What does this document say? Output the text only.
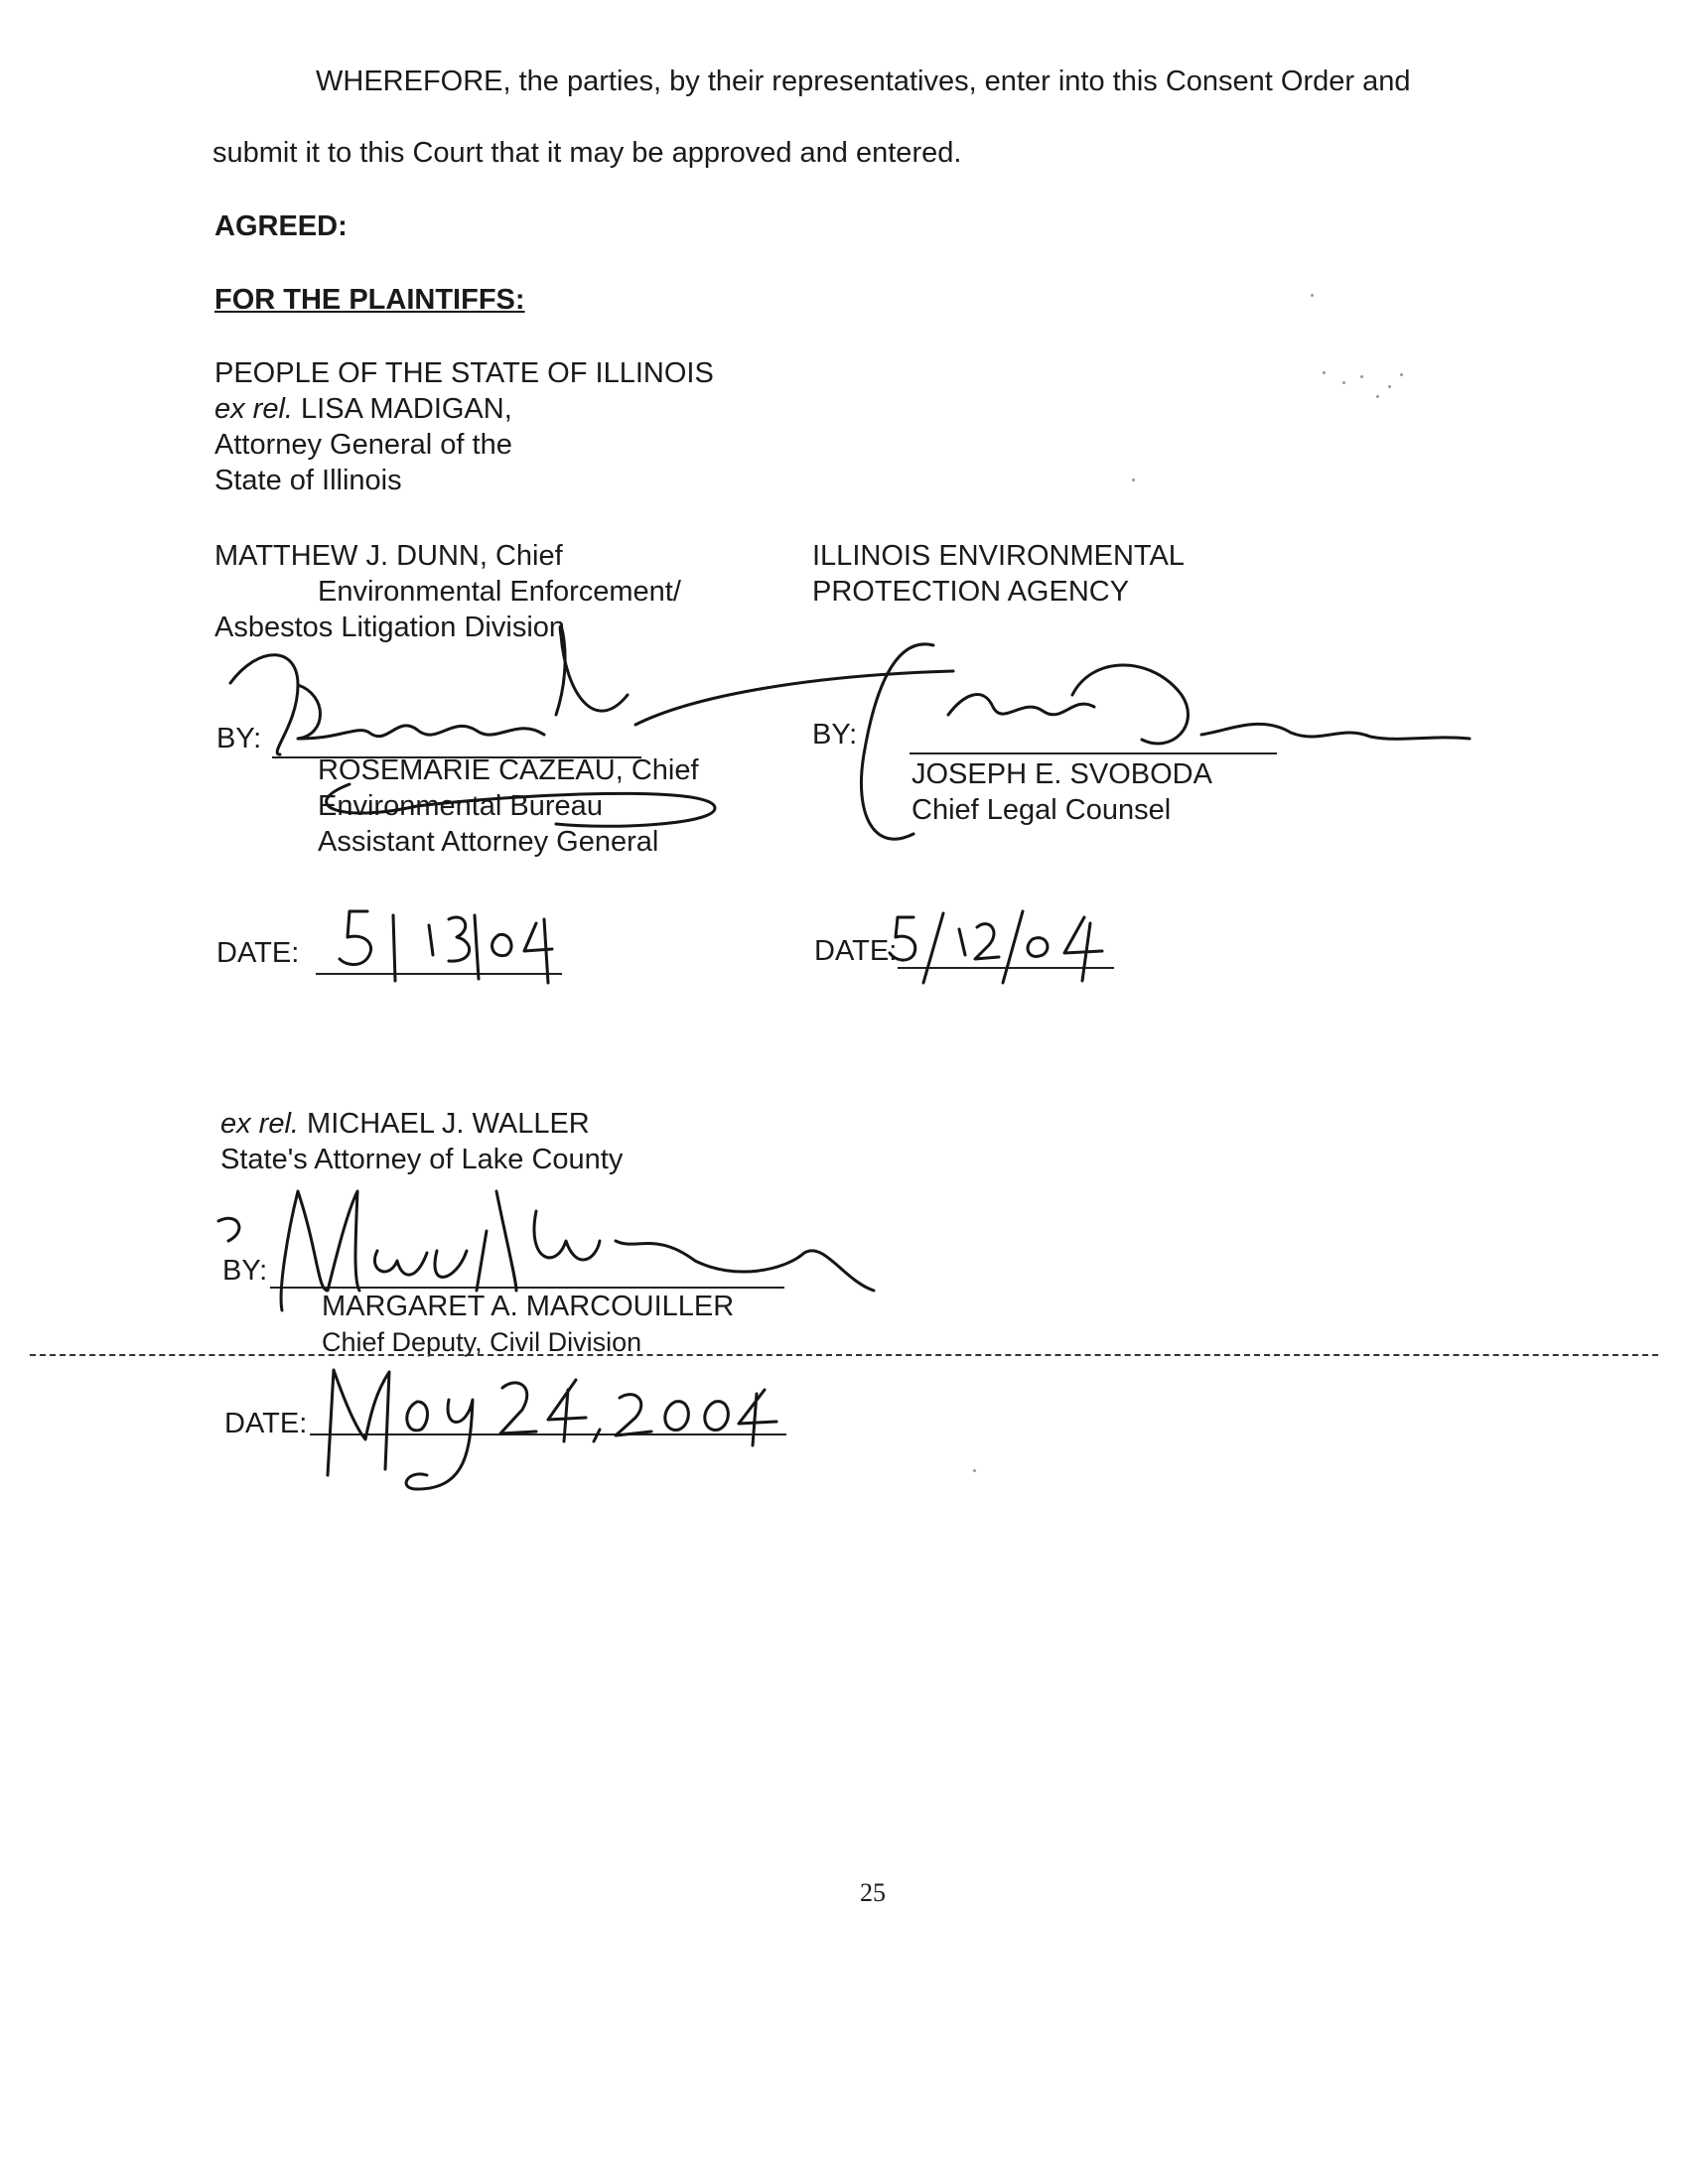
WHEREFORE, the parties, by their representatives, enter into this Consent Order and
submit it to this Court that it may be approved and entered.
AGREED:
FOR THE PLAINTIFFS:
PEOPLE OF THE STATE OF ILLINOIS
ex rel. LISA MADIGAN,
Attorney General of the
State of Illinois
MATTHEW J. DUNN, Chief
Environmental Enforcement/
Asbestos Litigation Division
BY:
ROSEMARIE CAZEAU, Chief
Environmental Bureau
Assistant Attorney General
DATE:
ILLINOIS ENVIRONMENTAL
PROTECTION AGENCY
BY:
JOSEPH E. SVOBODA
Chief Legal Counsel
DATE:
ex rel. MICHAEL J. WALLER
State's Attorney of Lake County
BY:
MARGARET A. MARCOUILLER
Chief Deputy, Civil Division
DATE:
25
